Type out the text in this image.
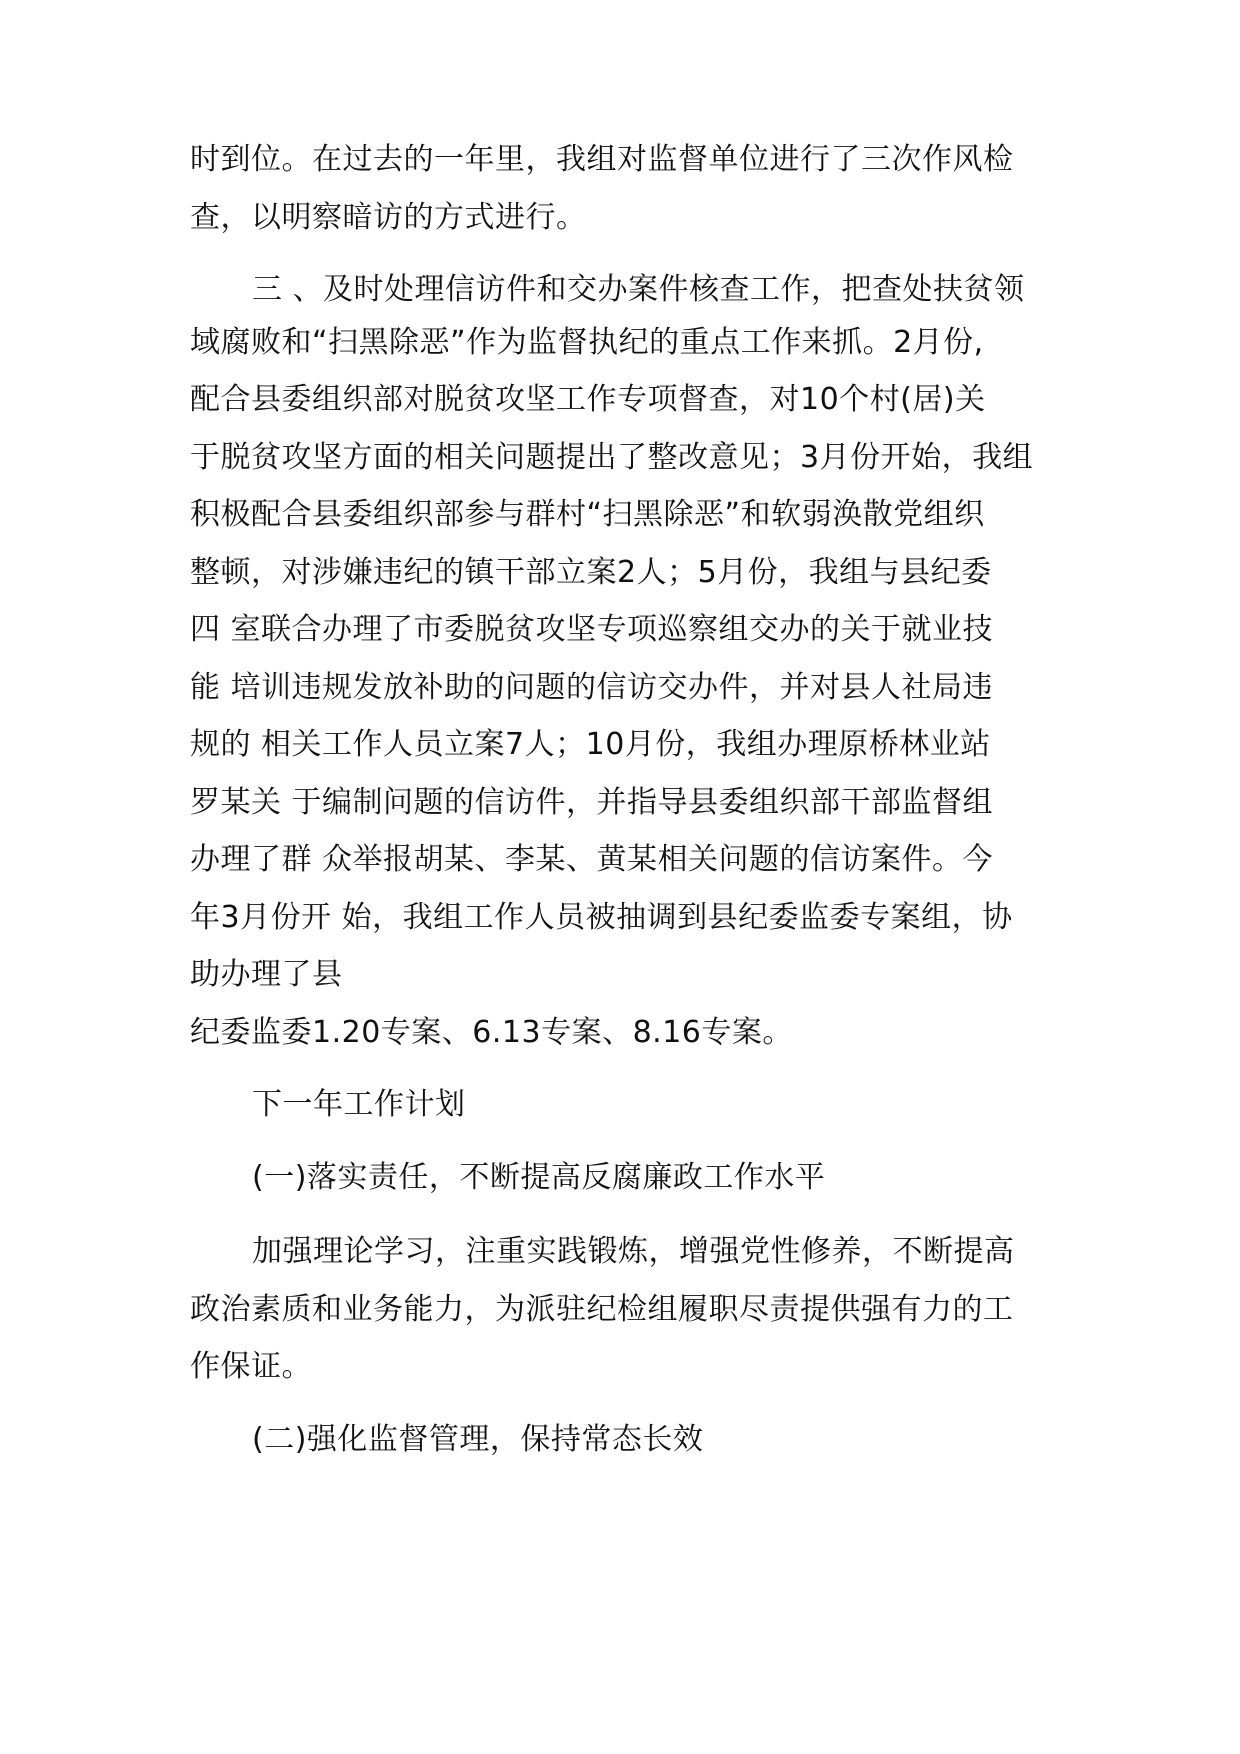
时到位。在过去的一年里，我组对监督单位进行了三次作风检
查，以明察暗访的方式进行。
三 、及时处理信访件和交办案件核查工作，把查处扶贫领
域腐败和“扫黑除恶”作为监督执纪的重点工作来抓。2月份,
配合县委组织部对脱贫攻坚工作专项督查，对10个村(居)关
于脱贫攻坚方面的相关问题提出了整改意见；3月份开始，我组
积极配合县委组织部参与群村“扫黑除恶”和软弱涣散党组织
整顿，对涉嫌违纪的镇干部立案2人；5月份，我组与县纪委
四 室联合办理了市委脱贫攻坚专项巡察组交办的关于就业技
能 培训违规发放补助的问题的信访交办件，并对县人社局违
规的 相关工作人员立案7人；10月份，我组办理原桥林业站
罗某关 于编制问题的信访件，并指导县委组织部干部监督组
办理了群 众举报胡某、李某、黄某相关问题的信访案件。今
年3月份开 始，我组工作人员被抽调到县纪委监委专案组，协
助办理了县
纪委监委1.20专案、6.13专案、8.16专案。
下一年工作计划
(一)落实责任，不断提高反腐廉政工作水平
加强理论学习，注重实践锻炼，增强党性修养，不断提高
政治素质和业务能力，为派驻纪检组履职尽责提供强有力的工
作保证。
(二)强化监督管理，保持常态长效
